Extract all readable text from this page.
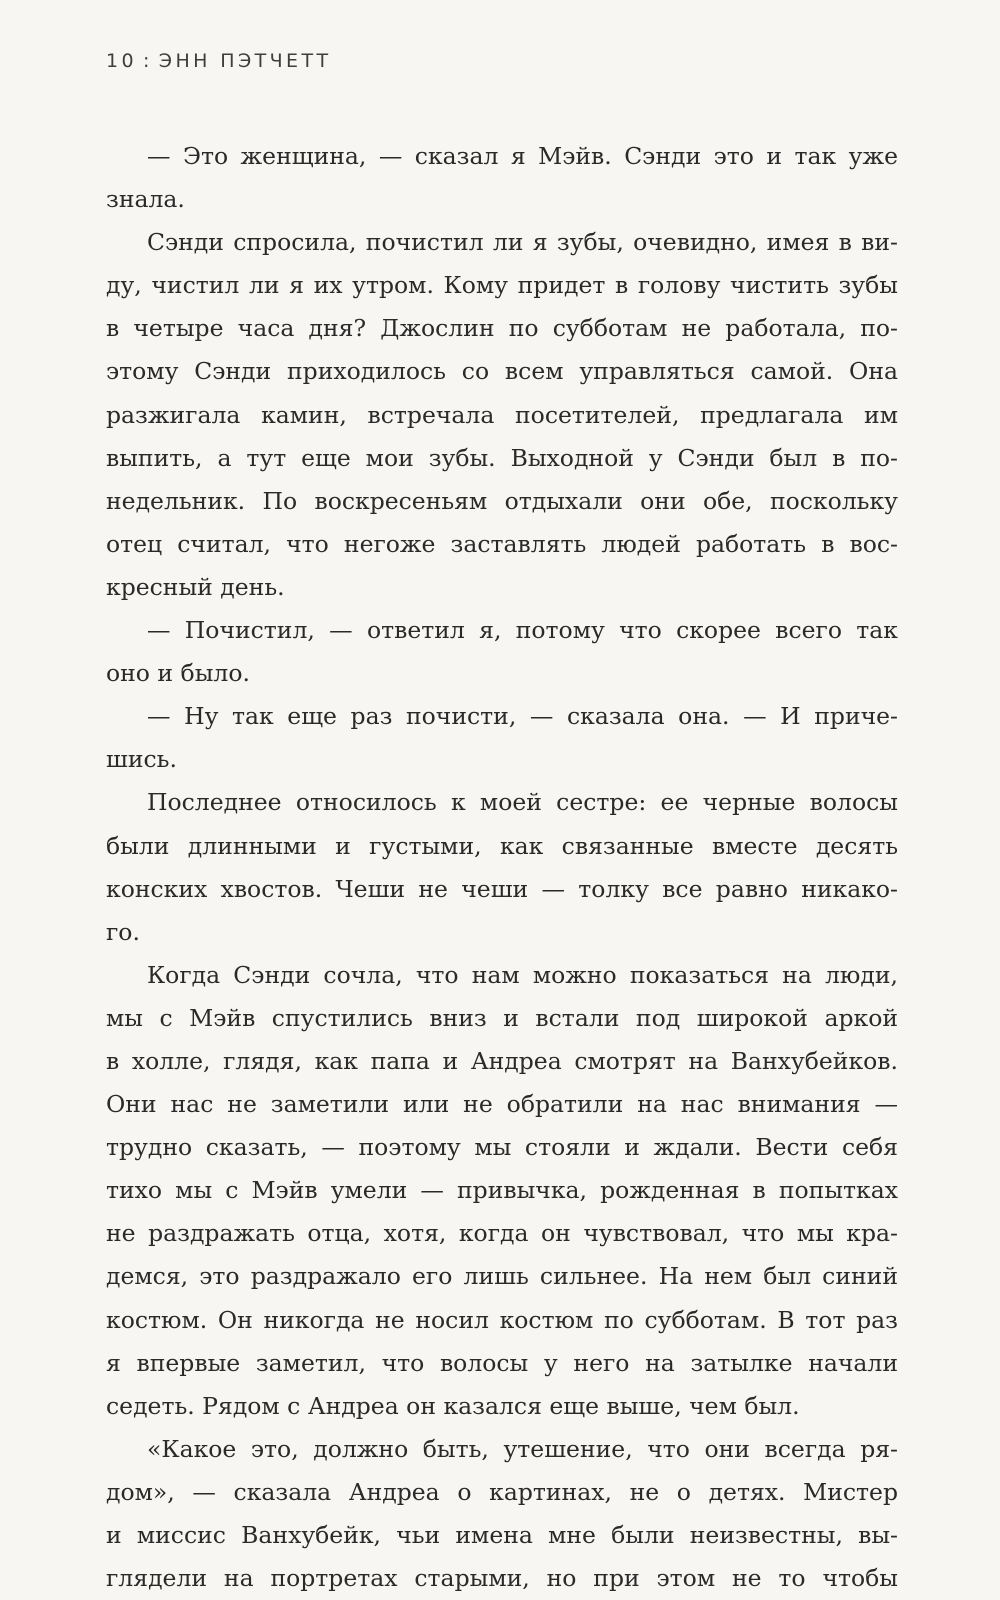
10 : ЭНН ПЭТЧЕТТ
— Это женщина, — сказал я Мэйв. Сэнди это и так уже
знала.
Сэнди спросила, почистил ли я зубы, очевидно, имея в ви-
ду, чистил ли я их утром. Кому придет в голову чистить зубы
в четыре часа дня? Джослин по субботам не работала, по-
этому Сэнди приходилось со всем управляться самой. Она
разжигала камин, встречала посетителей, предлагала им
выпить, а тут еще мои зубы. Выходной у Сэнди был в по-
недельник. По воскресеньям отдыхали они обе, поскольку
отец считал, что негоже заставлять людей работать в вос-
кресный день.
— Почистил, — ответил я, потому что скорее всего так
оно и было.
— Ну так еще раз почисти, — сказала она. — И приче-
шись.
Последнее относилось к моей сестре: ее черные волосы
были длинными и густыми, как связанные вместе десять
конских хвостов. Чеши не чеши — толку все равно никако-
го.
Когда Сэнди сочла, что нам можно показаться на люди,
мы с Мэйв спустились вниз и встали под широкой аркой
в холле, глядя, как папа и Андреа смотрят на Ванхубейков.
Они нас не заметили или не обратили на нас внимания —
трудно сказать, — поэтому мы стояли и ждали. Вести себя
тихо мы с Мэйв умели — привычка, рожденная в попытках
не раздражать отца, хотя, когда он чувствовал, что мы кра-
демся, это раздражало его лишь сильнее. На нем был синий
костюм. Он никогда не носил костюм по субботам. В тот раз
я впервые заметил, что волосы у него на затылке начали
седеть. Рядом с Андреа он казался еще выше, чем был.
«Какое это, должно быть, утешение, что они всегда ря-
дом», — сказала Андреа о картинах, не о детях. Мистер
и миссис Ванхубейк, чьи имена мне были неизвестны, вы-
глядели на портретах старыми, но при этом не то чтобы
